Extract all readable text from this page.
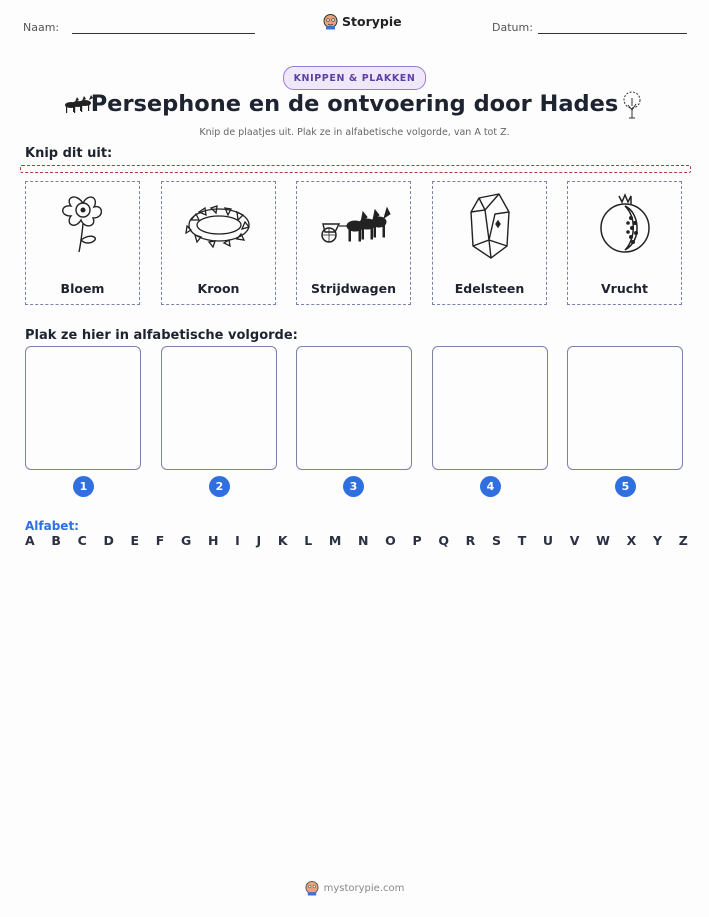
Naam:	Storypie	Datum:
KNIPPEN & PLAKKEN
Persephone en de ontvoering door Hades
Knip de plaatjes uit. Plak ze in alfabetische volgorde, van A tot Z.
Knip dit uit:
Bloem	Kroon	Strijdwagen	Edelsteen	Vrucht
Plak ze hier in alfabetische volgorde:
1	2	3	4	5
Alfabet:
A B C D E F G H I J K L M N O P Q R S T U V W X Y Z
mystorypie.com
